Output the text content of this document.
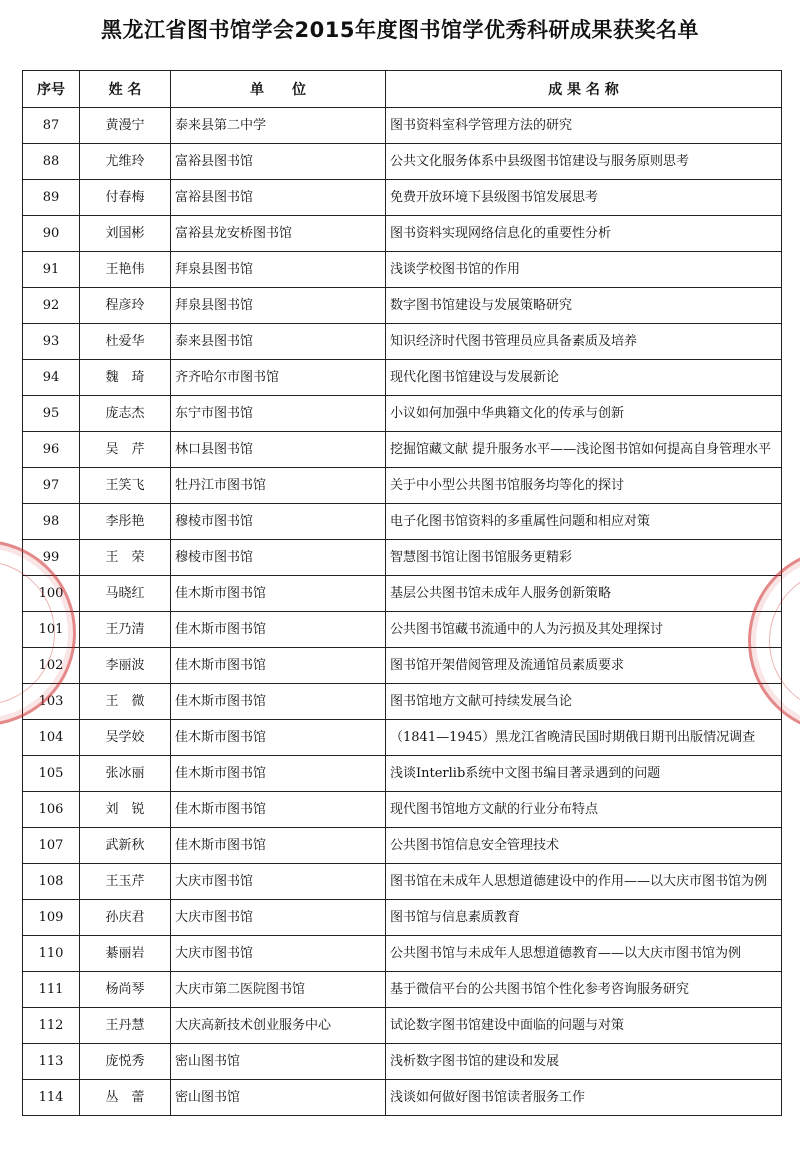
黑龙江省图书馆学会2015年度图书馆学优秀科研成果获奖名单
序号	姓 名	单　　位	成 果 名 称
87	黄漫宁	泰来县第二中学	图书资料室科学管理方法的研究
88	尤维玲	富裕县图书馆	公共文化服务体系中县级图书馆建设与服务原则思考
89	付春梅	富裕县图书馆	免费开放环境下县级图书馆发展思考
90	刘国彬	富裕县龙安桥图书馆	图书资料实现网络信息化的重要性分析
91	王艳伟	拜泉县图书馆	浅谈学校图书馆的作用
92	程彦玲	拜泉县图书馆	数字图书馆建设与发展策略研究
93	杜爱华	泰来县图书馆	知识经济时代图书管理员应具备素质及培养
94	魏　琦	齐齐哈尔市图书馆	现代化图书馆建设与发展新论
95	庞志杰	东宁市图书馆	小议如何加强中华典籍文化的传承与创新
96	吴　芹	林口县图书馆	挖掘馆藏文献 提升服务水平——浅论图书馆如何提高自身管理水平
97	王笑飞	牡丹江市图书馆	关于中小型公共图书馆服务均等化的探讨
98	李彤艳	穆棱市图书馆	电子化图书馆资料的多重属性问题和相应对策
99	王　荣	穆棱市图书馆	智慧图书馆让图书馆服务更精彩
100	马晓红	佳木斯市图书馆	基层公共图书馆未成年人服务创新策略
101	王乃清	佳木斯市图书馆	公共图书馆藏书流通中的人为污损及其处理探讨
102	李丽波	佳木斯市图书馆	图书馆开架借阅管理及流通馆员素质要求
103	王　微	佳木斯市图书馆	图书馆地方文献可持续发展刍论
104	吴学姣	佳木斯市图书馆	（1841—1945）黑龙江省晚清民国时期俄日期刊出版情况调查
105	张冰丽	佳木斯市图书馆	浅谈Interlib系统中文图书编目著录遇到的问题
106	刘　锐	佳木斯市图书馆	现代图书馆地方文献的行业分布特点
107	武新秋	佳木斯市图书馆	公共图书馆信息安全管理技术
108	王玉芹	大庆市图书馆	图书馆在未成年人思想道德建设中的作用——以大庆市图书馆为例
109	孙庆君	大庆市图书馆	图书馆与信息素质教育
110	綦丽岩	大庆市图书馆	公共图书馆与未成年人思想道德教育——以大庆市图书馆为例
111	杨尚琴	大庆市第二医院图书馆	基于微信平台的公共图书馆个性化参考咨询服务研究
112	王丹慧	大庆高新技术创业服务中心	试论数字图书馆建设中面临的问题与对策
113	庞悦秀	密山图书馆	浅析数字图书馆的建设和发展
114	丛　蕾	密山图书馆	浅谈如何做好图书馆读者服务工作
